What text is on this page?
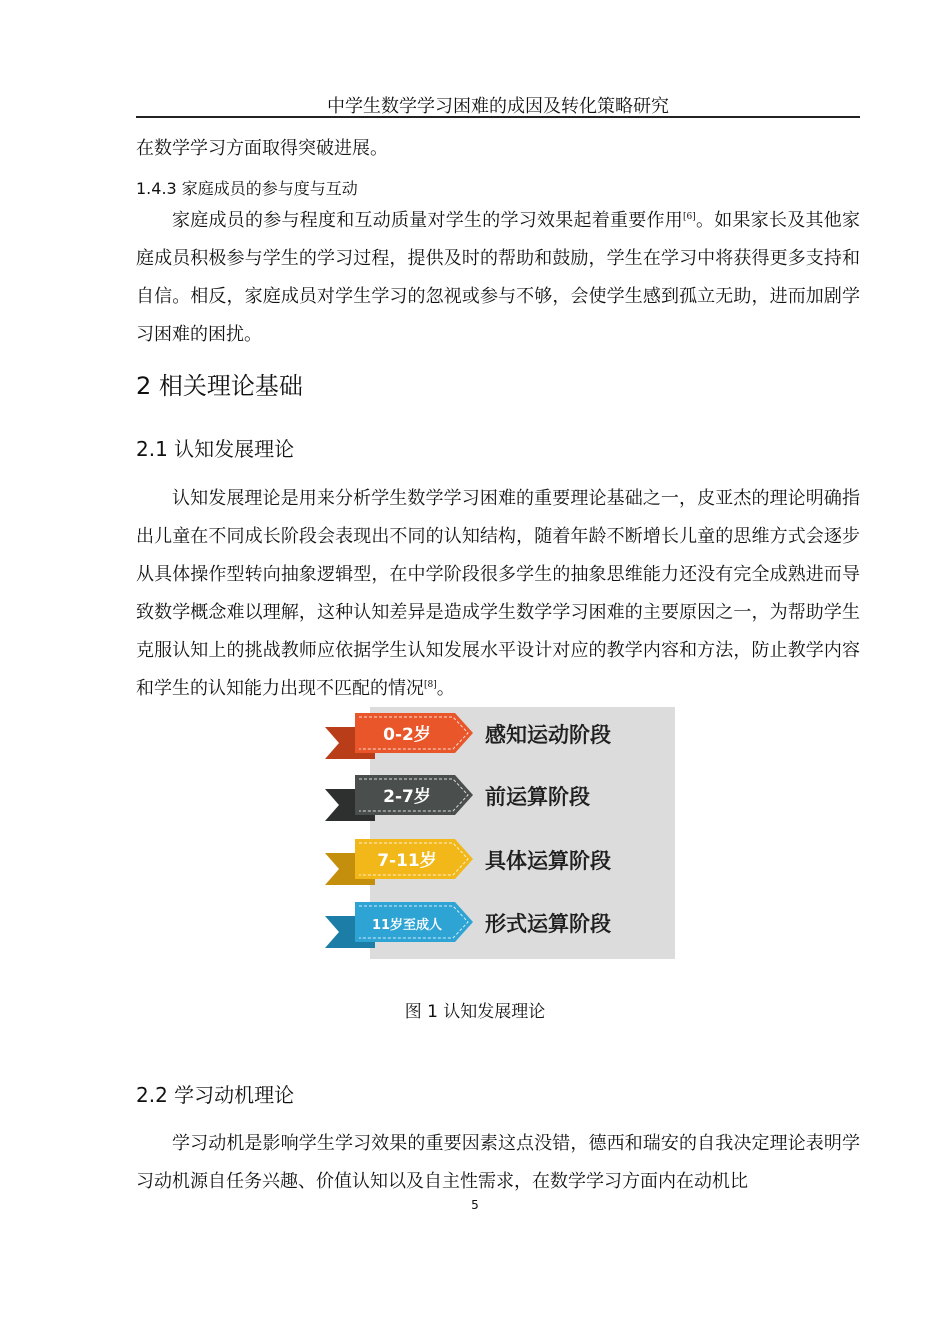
中学生数学学习困难的成因及转化策略研究
在数学学习方面取得突破进展。
1.4.3 家庭成员的参与度与互动
家庭成员的参与程度和互动质量对学生的学习效果起着重要作用[6]。如果家长及其他家庭成员积极参与学生的学习过程，提供及时的帮助和鼓励，学生在学习中将获得更多支持和自信。相反，家庭成员对学生学习的忽视或参与不够，会使学生感到孤立无助，进而加剧学习困难的困扰。
2 相关理论基础
2.1 认知发展理论
认知发展理论是用来分析学生数学学习困难的重要理论基础之一，皮亚杰的理论明确指出儿童在不同成长阶段会表现出不同的认知结构，随着年龄不断增长儿童的思维方式会逐步从具体操作型转向抽象逻辑型，在中学阶段很多学生的抽象思维能力还没有完全成熟进而导致数学概念难以理解，这种认知差异是造成学生数学学习困难的主要原因之一，为帮助学生克服认知上的挑战教师应依据学生认知发展水平设计对应的教学内容和方法，防止教学内容和学生的认知能力出现不匹配的情况[8]。
0-2岁	感知运动阶段
2-7岁	前运算阶段
7-11岁 具体运算阶段
11岁至成人 形式运算阶段
图 1 认知发展理论
2.2 学习动机理论
学习动机是影响学生学习效果的重要因素这点没错，德西和瑞安的自我决定理论表明学习动机源自任务兴趣、价值认知以及自主性需求，在数学学习方面内在动机比
5
